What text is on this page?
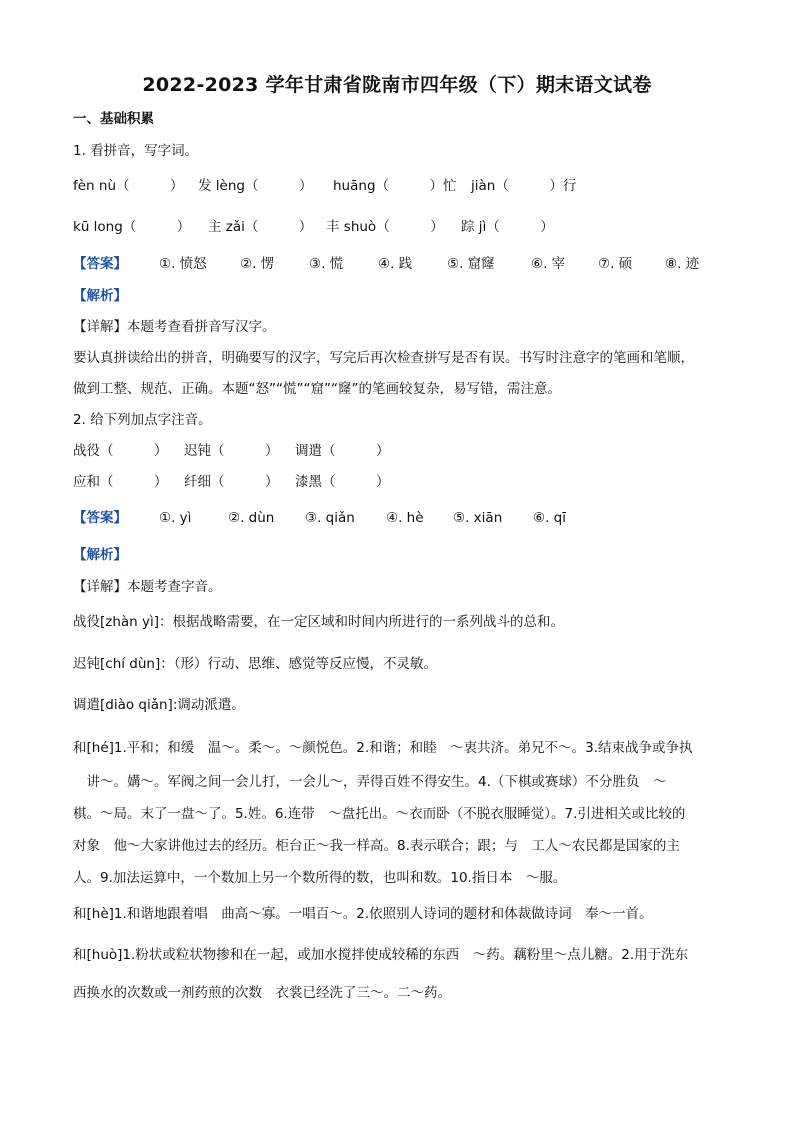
2022-2023 学年甘肃省陇南市四年级（下）期末语文试卷
一、基础积累
1. 看拼音，写字词。
fèn nù（　　　）	发 lèng（　　　）	huāng（　　　）忙	jiàn（　　　）行
kū long（　　　）	主 zǎi（　　　）	丰 shuò（　　　）	踪 jì（　　　）
【答案】	①. 愤怒	②. 愣	③. 慌	④. 践	⑤. 窟窿	⑥. 宰	⑦. 硕	⑧. 迹
【解析】
【详解】本题考查看拼音写汉字。
要认真拼读给出的拼音，明确要写的汉字，写完后再次检查拼写是否有误。书写时注意字的笔画和笔顺，
做到工整、规范、正确。本题“怒”“慌”“窟”“窿”的笔画较复杂，易写错，需注意。
2. 给下列加点字注音。
战役（　　　）	迟钝（　　　）	调遣（　　　）
应和（　　　）	纤细（　　　）	漆黑（　　　）
【答案】	①. yì	②. dùn	③. qiǎn	④. hè	⑤. xiān	⑥. qī
【解析】
【详解】本题考查字音。
战役[zhàn yì]：根据战略需要，在一定区域和时间内所进行的一系列战斗的总和。
迟钝[chí dùn]：（形）行动、思维、感觉等反应慢，不灵敏。
调遣[diào qiǎn]:调动派遣。
和[hé]1.平和；和缓　温～。柔～。～颜悦色。2.和谐；和睦　～衷共济。弟兄不～。3.结束战争或争执
　讲～。媾～。军阀之间一会儿打，一会儿～，弄得百姓不得安生。4.（下棋或赛球）不分胜负　～
棋。～局。末了一盘～了。5.姓。6.连带　～盘托出。～衣而卧（不脱衣服睡觉）。7.引进相关或比较的
对象　他～大家讲他过去的经历。柜台正～我一样高。8.表示联合；跟；与　工人～农民都是国家的主
人。9.加法运算中，一个数加上另一个数所得的数，也叫和数。10.指日本　～服。
和[hè]1.和谐地跟着唱　曲高～寡。一唱百～。2.依照别人诗词的题材和体裁做诗词　奉～一首。
和[huò]1.粉状或粒状物掺和在一起，或加水搅拌使成较稀的东西　～药。藕粉里～点儿糖。2.用于洗东
西换水的次数或一剂药煎的次数　衣裳已经洗了三～。二～药。
